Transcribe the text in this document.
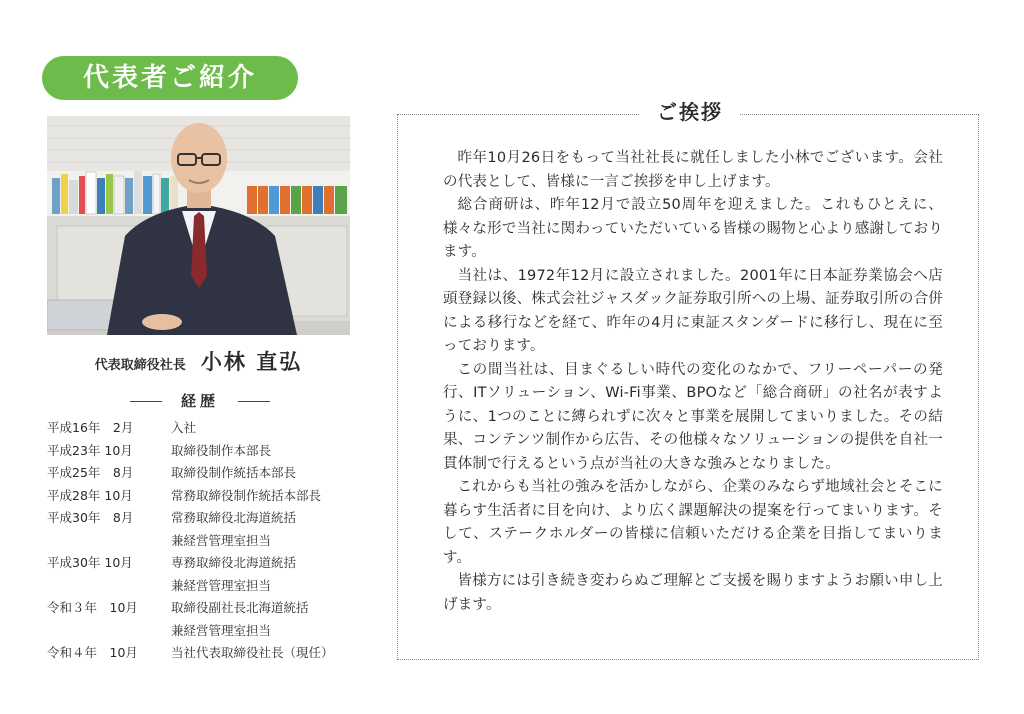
代表者ご紹介
代表取締役社長 小林 直弘
経歴
平成16年　2月	入社
平成23年 10月	取締役制作本部長
平成25年　8月	取締役制作統括本部長
平成28年 10月	常務取締役制作統括本部長
平成30年　8月	常務取締役北海道統括
兼経営管理室担当
平成30年 10月	専務取締役北海道統括
兼経営管理室担当
令和３年　10月	取締役副社長北海道統括
兼経営管理室担当
令和４年　10月	当社代表取締役社長（現任）
ご挨拶

昨年10月26日をもって当社社長に就任しました小林でございます。会社の代表として、皆様に一言ご挨拶を申し上げます。

総合商研は、昨年12月で設立50周年を迎えました。これもひとえに、様々な形で当社に関わっていただいている皆様の賜物と心より感謝しております。

当社は、1972年12月に設立されました。2001年に日本証券業協会へ店頭登録以後、株式会社ジャスダック証券取引所への上場、証券取引所の合併による移行などを経て、昨年の4月に東証スタンダードに移行し、現在に至っております。

この間当社は、目まぐるしい時代の変化のなかで、フリーペーパーの発行、ITソリューション、Wi-Fi事業、BPOなど「総合商研」の社名が表すように、1つのことに縛られずに次々と事業を展開してまいりました。その結果、コンテンツ制作から広告、その他様々なソリューションの提供を自社一貫体制で行えるという点が当社の大きな強みとなりました。

これからも当社の強みを活かしながら、企業のみならず地域社会とそこに暮らす生活者に目を向け、より広く課題解決の提案を行ってまいります。そして、ステークホルダーの皆様に信頼いただける企業を目指してまいります。

皆様方には引き続き変わらぬご理解とご支援を賜りますようお願い申し上げます。
